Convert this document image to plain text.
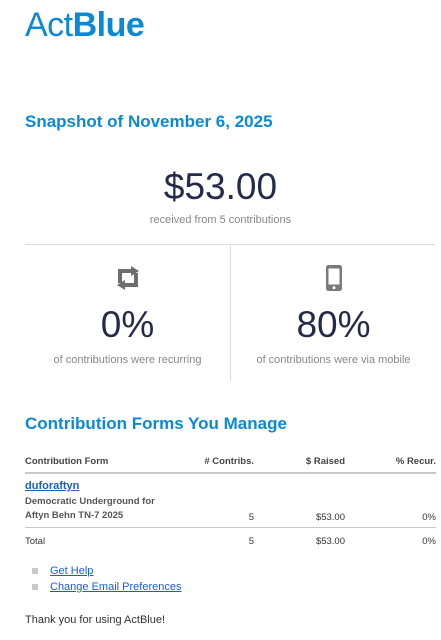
ActBlue
Snapshot of November 6, 2025
$53.00
received from 5 contributions
0%
of contributions were recurring
80%
of contributions were via mobile
Contribution Forms You Manage
Contribution Form	# Contribs.	$ Raised	% Recur.

duforaftyn
Democratic Underground for
Aftyn Behn TN-7 2025	5	$53.00	0%
Total	5	$53.00	0%
Get Help
Change Email Preferences
Thank you for using ActBlue!
